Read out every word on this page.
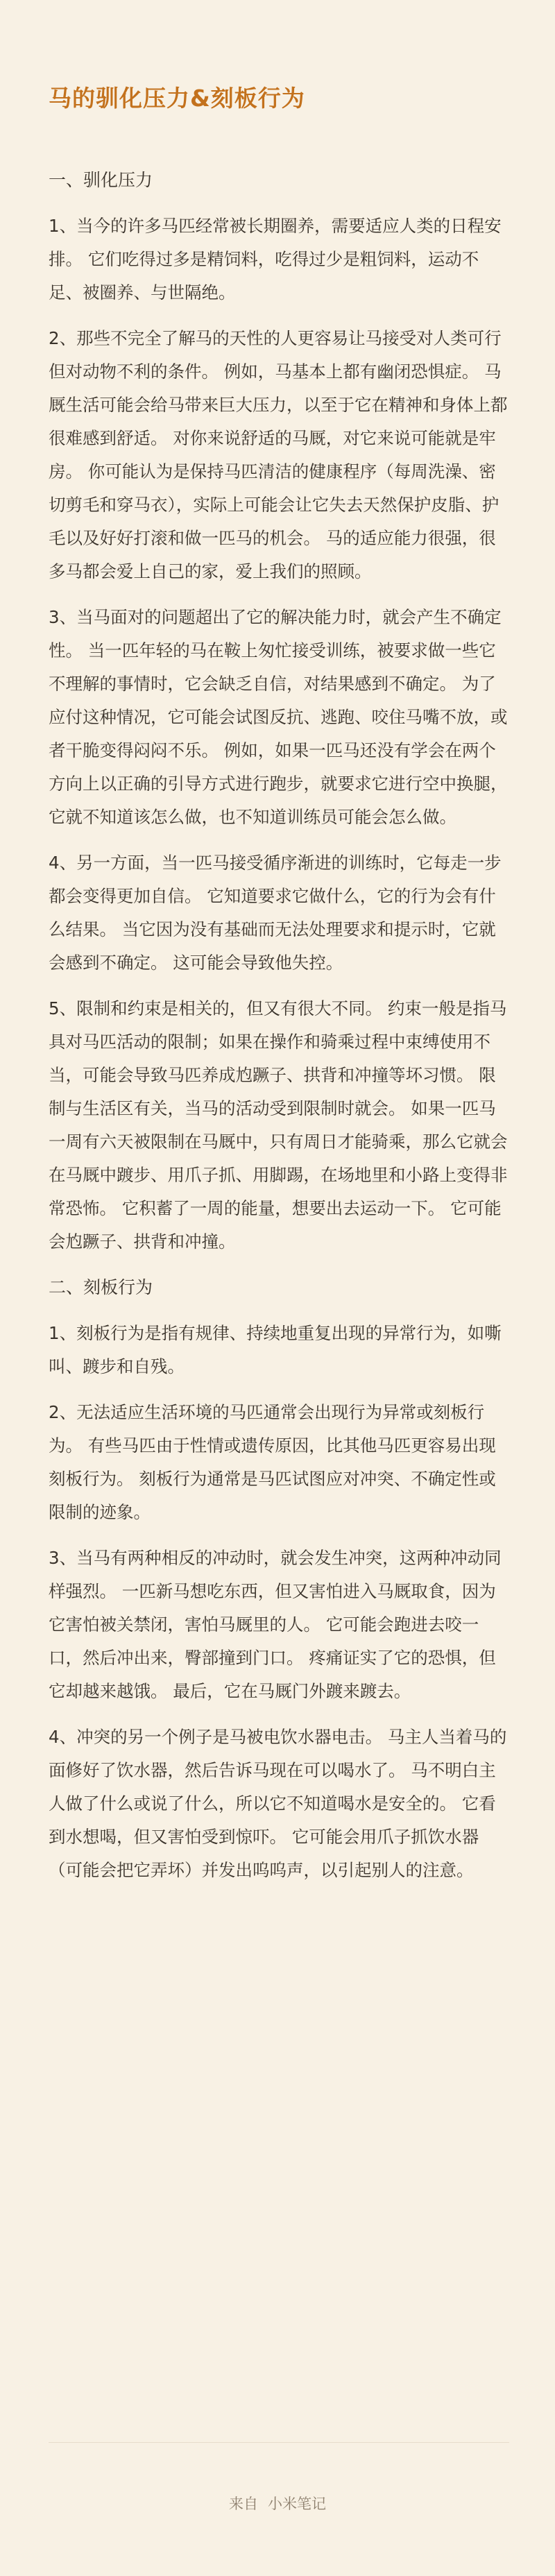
马的驯化压力&刻板行为
一、驯化压力

1、当今的许多马匹经常被长期圈养，需要适应人类的日程安排。 它们吃得过多是精饲料，吃得过少是粗饲料，运动不足、被圈养、与世隔绝。

2、那些不完全了解马的天性的人更容易让马接受对人类可行但对动物不利的条件。 例如，马基本上都有幽闭恐惧症。 马厩生活可能会给马带来巨大压力，以至于它在精神和身体上都很难感到舒适。 对你来说舒适的马厩，对它来说可能就是牢房。 你可能认为是保持马匹清洁的健康程序（每周洗澡、密切剪毛和穿马衣），实际上可能会让它失去天然保护皮脂、护毛以及好好打滚和做一匹马的机会。 马的适应能力很强，很多马都会爱上自己的家，爱上我们的照顾。

3、当马面对的问题超出了它的解决能力时，就会产生不确定性。 当一匹年轻的马在鞍上匆忙接受训练，被要求做一些它不理解的事情时，它会缺乏自信，对结果感到不确定。 为了应付这种情况，它可能会试图反抗、逃跑、咬住马嘴不放，或者干脆变得闷闷不乐。 例如，如果一匹马还没有学会在两个方向上以正确的引导方式进行跑步，就要求它进行空中换腿，它就不知道该怎么做，也不知道训练员可能会怎么做。

4、另一方面，当一匹马接受循序渐进的训练时，它每走一步都会变得更加自信。 它知道要求它做什么，它的行为会有什么结果。 当它因为没有基础而无法处理要求和提示时，它就会感到不确定。 这可能会导致他失控。

5、限制和约束是相关的，但又有很大不同。 约束一般是指马具对马匹活动的限制；如果在操作和骑乘过程中束缚使用不当，可能会导致马匹养成尥蹶子、拱背和冲撞等坏习惯。 限制与生活区有关，当马的活动受到限制时就会。 如果一匹马一周有六天被限制在马厩中，只有周日才能骑乘，那么它就会在马厩中踱步、用爪子抓、用脚踢，在场地里和小路上变得非常恐怖。 它积蓄了一周的能量，想要出去运动一下。 它可能会尥蹶子、拱背和冲撞。

二、刻板行为

1、刻板行为是指有规律、持续地重复出现的异常行为，如嘶叫、踱步和自残。

2、无法适应生活环境的马匹通常会出现行为异常或刻板行为。 有些马匹由于性情或遗传原因，比其他马匹更容易出现刻板行为。 刻板行为通常是马匹试图应对冲突、不确定性或限制的迹象。

3、当马有两种相反的冲动时，就会发生冲突，这两种冲动同样强烈。 一匹新马想吃东西，但又害怕进入马厩取食，因为它害怕被关禁闭，害怕马厩里的人。 它可能会跑进去咬一口，然后冲出来，臀部撞到门口。 疼痛证实了它的恐惧，但它却越来越饿。 最后，它在马厩门外踱来踱去。

4、冲突的另一个例子是马被电饮水器电击。 马主人当着马的面修好了饮水器，然后告诉马现在可以喝水了。 马不明白主人做了什么或说了什么，所以它不知道喝水是安全的。 它看到水想喝，但又害怕受到惊吓。 它可能会用爪子抓饮水器（可能会把它弄坏）并发出呜呜声，以引起别人的注意。

来自 小米笔记
